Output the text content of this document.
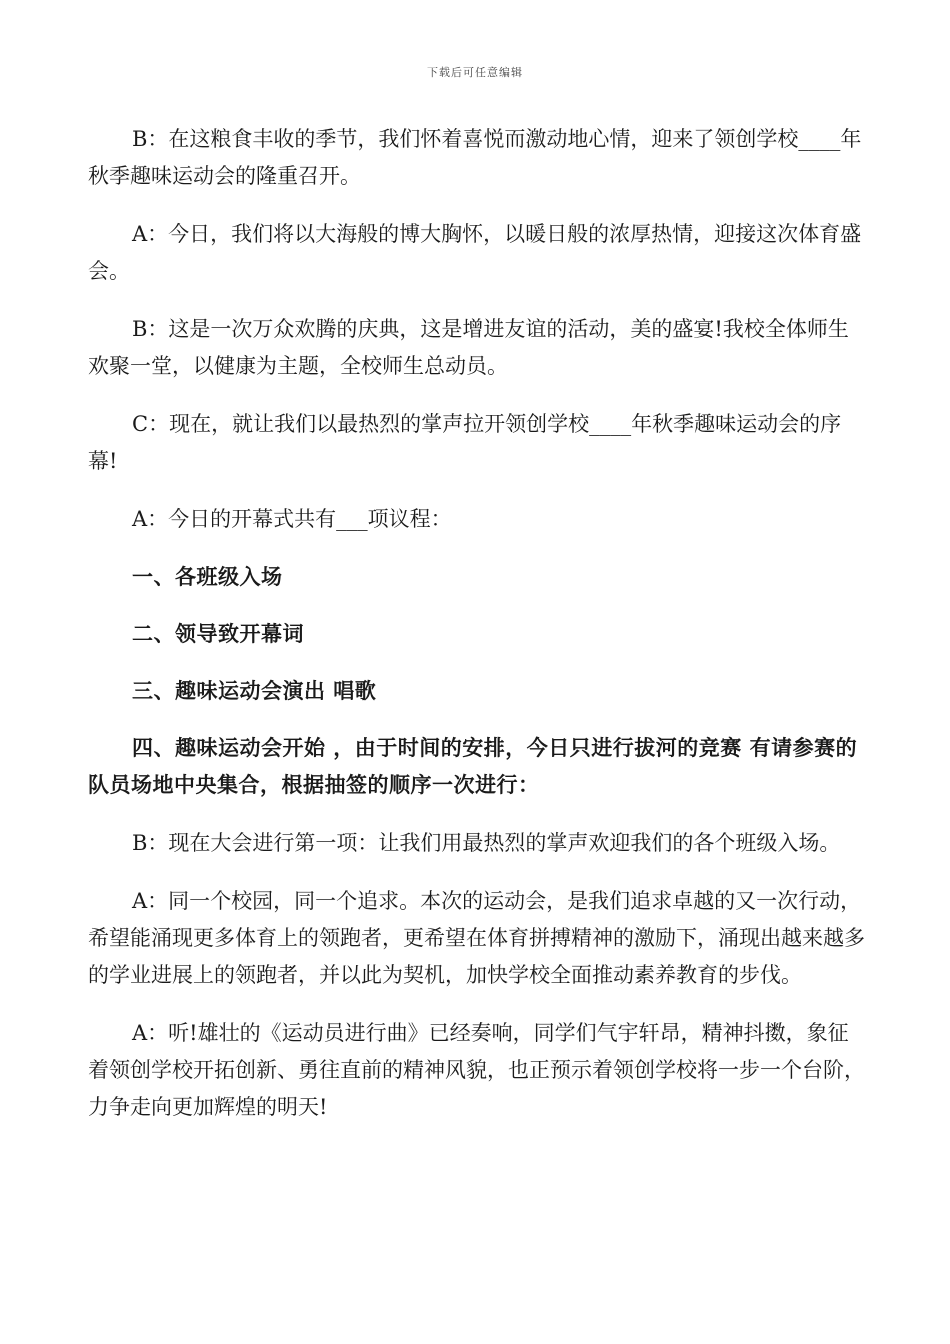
下载后可任意编辑

B：在这粮食丰收的季节，我们怀着喜悦而激动地心情，迎来了领创学校____年秋季趣味运动会的隆重召开。

A：今日，我们将以大海般的博大胸怀，以暖日般的浓厚热情，迎接这次体育盛会。

B：这是一次万众欢腾的庆典，这是增进友谊的活动，美的盛宴!我校全体师生欢聚一堂，以健康为主题，全校师生总动员。

C：现在，就让我们以最热烈的掌声拉开领创学校____年秋季趣味运动会的序幕!

A：今日的开幕式共有___项议程：

一、各班级入场

二、领导致开幕词

三、趣味运动会演出 唱歌

四、趣味运动会开始 ，由于时间的安排，今日只进行拔河的竞赛 有请参赛的队员场地中央集合，根据抽签的顺序一次进行：

B：现在大会进行第一项：让我们用最热烈的掌声欢迎我们的各个班级入场。

A：同一个校园，同一个追求。本次的运动会，是我们追求卓越的又一次行动，希望能涌现更多体育上的领跑者，更希望在体育拼搏精神的激励下，涌现出越来越多的学业进展上的领跑者，并以此为契机，加快学校全面推动素养教育的步伐。

A：听!雄壮的《运动员进行曲》已经奏响，同学们气宇轩昂，精神抖擞，象征着领创学校开拓创新、勇往直前的精神风貌，也正预示着领创学校将一步一个台阶，力争走向更加辉煌的明天!
